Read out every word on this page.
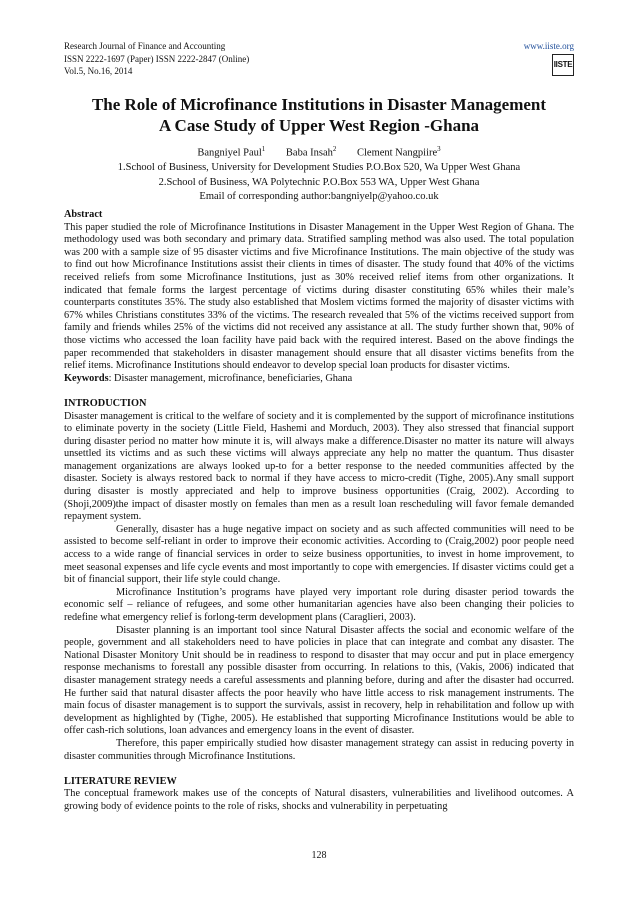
Research Journal of Finance and Accounting
ISSN 2222-1697 (Paper) ISSN 2222-2847 (Online)
Vol.5, No.16, 2014
www.iiste.org
IISTE
The Role of Microfinance Institutions in Disaster Management
A Case Study of Upper West Region -Ghana
Bangniyel Paul$^1$ Baba Insah$^2$ Clement Nangpiire$^3$
1.School of Business, University for Development Studies P.O.Box 520, Wa Upper West Ghana
2.School of Business, WA Polytechnic P.O.Box 553 WA, Upper West Ghana
Email of corresponding author:bangniyelp@yahoo.co.uk

Abstract

This paper studied the role of Microfinance Institutions in Disaster Management in the Upper West Region of Ghana. The methodology used was both secondary and primary data. Stratified sampling method was also used. The total population was 200 with a sample size of 95 disaster victims and five Microfinance Institutions. The main objective of the study was to find out how Microfinance Institutions assist their clients in times of disaster. The study found that 40% of the victims received reliefs from some Microfinance Institutions, just as 30% received relief items from other organizations. It indicated that female forms the largest percentage of victims during disaster constituting 65% whiles their male’s counterparts constitutes 35%. The study also established that Moslem victims formed the majority of disaster victims with 67% whiles Christians constitutes 33% of the victims. The research revealed that 5% of the victims received support from family and friends whiles 25% of the victims did not received any assistance at all. The study further shown that, 90% of those victims who accessed the loan facility have paid back with the required interest. Based on the above findings the paper recommended that stakeholders in disaster management should ensure that all disaster victims benefits from the relief items. Microfinance Institutions should endeavor to develop special loan products for disaster victims.

Keywords: Disaster management, microfinance, beneficiaries, Ghana

INTRODUCTION

Disaster management is critical to the welfare of society and it is complemented by the support of microfinance institutions to eliminate poverty in the society (Little Field, Hashemi and Morduch, 2003). They also stressed that financial support during disaster period no matter how minute it is, will always make a difference.Disaster no matter its nature will always unsettled its victims and as such these victims will always appreciate any help no matter the quantum. Thus disaster management organizations are always looked up-to for a better response to the needed communities affected by the disaster. Society is always restored back to normal if they have access to micro-credit (Tighe, 2005).Any small support during disaster is mostly appreciated and help to improve business opportunities (Craig, 2002). According to (Shoji,2009)the impact of disaster mostly on females than men as a result loan rescheduling will favor female demanded repayment system.

Generally, disaster has a huge negative impact on society and as such affected communities will need to be assisted to become self-reliant in order to improve their economic activities. According to (Craig,2002) poor people need access to a wide range of financial services in order to seize business opportunities, to invest in home improvement, to meet seasonal expenses and life cycle events and most importantly to cope with emergencies. If disaster victims could get a bit of financial support, their life style could change.

Microfinance Institution’s programs have played very important role during disaster period towards the economic self – reliance of refugees, and some other humanitarian agencies have also been changing their policies to redefine what emergency relief is forlong-term development plans (Caraglieri, 2003).

Disaster planning is an important tool since Natural Disaster affects the social and economic welfare of the people, government and all stakeholders need to have policies in place that can integrate and combat any disaster. The National Disaster Monitory Unit should be in readiness to respond to disaster that may occur and put in place emergency response mechanisms to forestall any possible disaster from occurring. In relations to this, (Vakis, 2006) indicated that disaster management strategy needs a careful assessments and planning before, during and after the disaster had occurred. He further said that natural disaster affects the poor heavily who have little access to risk management instruments. The main focus of disaster management is to support the survivals, assist in recovery, help in rehabilitation and follow up with development as highlighted by (Tighe, 2005). He established that supporting Microfinance Institutions would be able to offer cash-rich solutions, loan advances and emergency loans in the event of disaster.

Therefore, this paper empirically studied how disaster management strategy can assist in reducing poverty in disaster communities through Microfinance Institutions.

LITERATURE REVIEW

The conceptual framework makes use of the concepts of Natural disasters, vulnerabilities and livelihood outcomes. A growing body of evidence points to the role of risks, shocks and vulnerability in perpetuating

128
